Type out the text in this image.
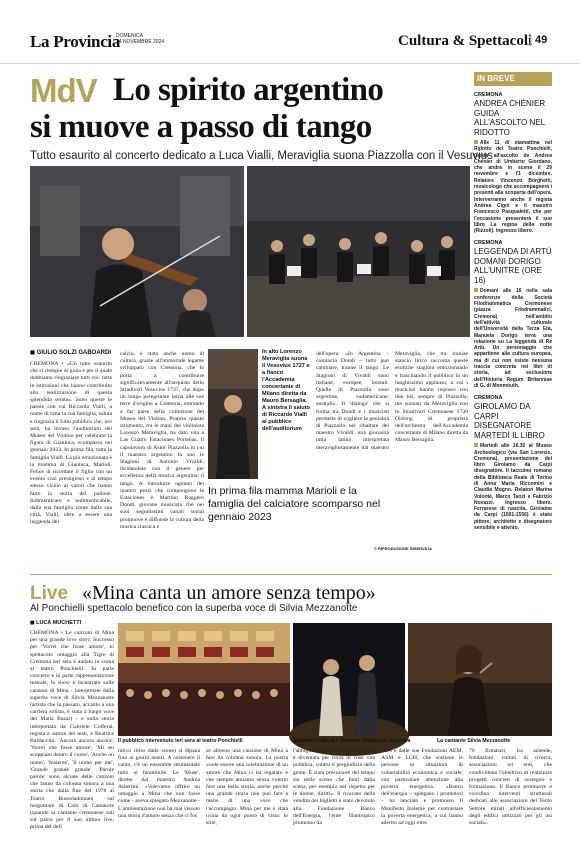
La Provincia
DOMENICA
24 NOVEMBRE 2024	Cultura & Spettacoli 49
MdV Lo spirito argentino
si muove a passo di tango
Tutto esaurito al concerto dedicato a Luca Vialli, Meraviglia suona Piazzolla con il Vesuvius
◼ GIULIO SOLZI GABOARDI
CREMONA • «Un tutto esaurito che ci riempie di gioia e per il quale dobbiamo ringraziare tutti voi: tutte le istituzioni che hanno contribuito alla realizzazione di questa splendida serata». Sono queste le parole con cui Riccardo Vialli, a nome di tutta la sua famiglia, saluta e ringrazia il folto pubblico che, ieri sera, ha invaso l'auditorium del Museo del Violino per celebrare la figura di Gianluca, scomparso nel gennaio 2023. In prima fila, tutta la famiglia Vialli. La più emozionata è la mamma di Gianluca, Mariolì. Felice di ricordare il figlio con un evento così prestigioso e al tempo stesso vicino ai valori che hanno fatto la storia del pallone. Indimenticato e indimenticabile, dalla sua famiglia come dalla sua città, Vialli, oltre a essere una leggenda del
calcio, è stato anche uomo di cultura, grazie all'immortale legame sviluppato con Cremona, che lo porta a contribuire significativamente all'acquisto dello Stradivari Vesuvius 1727, che dopo un lungo peregrinare torna alle sue terre d'origine a Cremona, entrando a far parte della collezione del Museo del Violino. Proprio questo strumento, tra le mani del violinista Lorenzo Meraviglia, ha dato vita a Las Cuatro Estaciones Porteñas, il capolavoro di Astor Piazzolla in cui il maestro argentino fa suo le Stagioni di Antonio Vivaldi, ibridandole con il genere per eccellenza della musica argentina: il tango. A introdurre ognuno dei quattro pezzi che compongono le Estaciones è Martino Ruggero Dondi, giovane musicista che nei suoi seguitissimi canali social promuove e diffonde la cultura della musica classica e
In alto Lorenzo Meraviglia suona il Vesuvius 1727 e a fianco l'Accademia concertante di Milano diretta da Mauro Bersaglia. A sinistra il saluto di Riccardo Vialli al pubblico dell'auditorium
dell'opera. «In Argentina – comincia Dondi – tutto può cambiare, tranne il tango. Le Stagioni di Vivaldi sono italiane, europee, boreali. Quelle di Piazzolla sono argentine, sudamericane, australi». Il 'dialogo' che si forma tra Dondi e i musicisti permette di cogliere la genialità di Piazzolla nel ribaltare del maestro Vivaldi: una giocosità tutta latina interpretata meravigliosamente dal maestro Meraviglia, che tra ironiae slancio lirico racconta queste esotiche stagioni emozionando e trascinando il pubblico in un lunghissimo applauso, a cui i musicisti hanno risposto con due bis, sempre di Piazzolla, ma suonati da Meraviglia con lo Stradivari Cremonese 1730 Oldring di proprietà dell'orchestra dell'Accademia concertante di Milano diretta da Mauro Bersaglia.
In prima fila mamma Marioli e la famiglia del calciatore scomparso nel gennaio 2023
© RIPRODUZIONE RISERVATA
IN BREVE
CREMONA
ANDREA CHÉNIER GUIDA ALL'ASCOLTO NEL RIDOTTO
Alle 11 di stamattina nel Ridotto del Teatro Ponchielli, Guida all'ascolto de Andrea Chénier di Umberto Giordano, che andrà in scena il 29 novembre e l'1 dicembre. Relatore Vincenzo Borghetti, musicologo che accompagnerà i presenti alla scoperta dell'opera. Interverranno anche il regista Andrea Cigni e il maestro Francesco Pasqualetti, che per l'occasione presenterà il suo libro La regina della notte (Rizzoli). Ingresso libero.
CREMONA
LEGGENDA DI ARTÙ DOMANI DORIGO ALL'UNITRE (ORE 16)
Domani alle 16 nella sala conferenze della Società Filodrammatica Cremonese (piazza Filodrammatici, Cremona) nell'ambito dell'attività culturale dell'Università della Terza Età, Manuela Dorigo terrà una relazione su La leggenda di Re Artù. Un personaggio che appartiene alla cultura europea, ma di cui non esiste nessuna traccia concreta nei libri di storia, ad esclusione dell'Historia Regum Britanniae di G. di Monmouth.
CREMONA
GIROLAMO DA CARPI DISEGNATORE MARTEDÌ IL LIBRO
Martedì alle 16.30 al Museo Archeologico (via San Lorenzo, Cremona), presentazione del libro Girolamo da Carpi disegnatore. Il taccuino romano della Biblioteca Reale di Torino di Anna Maria Riccomini e Claudia Mogno. Relatori Marina Volonté, Marco Tanzi e Fabrizio Novazzi. Ingresso libero. Ferrarese di nascita, Girolamo da Carpi (1501-1556) è stato pittore, architetto e disegnatore sensibile e attento.
Live «Mina canta un amore senza tempo»
Al Ponchielli spettacolo benefico con la superba voce di Silvia Mezzanotte
◼ LUCA MUCHETTI
CREMONA • Le canzoni di Mina per una grande love story. Successo per 'Vorrei che fosse amore', lo spettacolo omaggio alla Tigre di Cremona ieri sera è andato in scena al teatro Ponchielli. In parte concerto e in parte rappresentazione teatrale, lo show è incentrato sulle canzoni di Mina - interpretate dalla superba voce di Silvia Mezzanotte (artista che in passato, accanto a una carriera solista, è stata a lungo voce dei Matia Bazar) - e sulla storia interpretata da Gabriele Colferai, regista e autore dei testi, e Beatrice Baldaccini. 'Ancora ancora ancora', 'Vorrei che fosse amore', 'Mi sei scoppiato dentro il cuore', 'Anche un uomo', 'Insieme', 'Il uomo per me', 'Grande grande grande', 'Parole parole' sono alcune delle canzoni che fanno da colonna sonora a una storia che dalla fine del 1978 al Teatro Bussoladomani sul lungomare di Lido di Camaiore (quando la cantante cremonese salì sul palco per il suo ultimo live, prima del defi
Il pubblico intervenuto ieri sera al teatro Ponchielli	Gabriele Colferai e Beatrice Baldaccini in scena	La cantante Silvia Mezzanotte
nitivo ritiro dalle scene) si dipana fino ai giorni nostri. A sostenere il canto, c'è un ensemble strumentale tutto al femminile. Le 'Muse', dirette dal maestro Andrea Albertini. «Volevamo offrire un omaggio a Mina che non fosse come - aveva spiegato Mezzanotte - L'ambientazione non ha mai vissuto una storia d'amore senza che ci fos
se almeno una canzone di Mina a fare da colonna sonora. La nostra vuole essere una celebrazione di un amore che Mina ci ha regalato e che sempre amiamo senza volerlo fare una bella storia, anche perché una grande storia non può fare a meno di una voce che l'accompagni. Mina per me è stata icona da ogni punto di vista: lo stile,
l'abbigliamento, la vita privata che è diventata per forza di cose vita pubblica, contro il pregiudizio della gente. È stata precursore del tempo sia nella scena che fuori dalla scena, per esempio nel rispetto per le donne, diritti». Il ricavato della vendita dei biglietti è stato devoluto alla Fondazione Banco dell'Energia, l'ente filantropico promosso da
A2A e dalle sue Fondazioni AEM, ASM e LGH, che sostiene le persone in situazioni di vulnerabilità economica e sociale, con particolare attenzione alla povertà energetica. «Banco dell'energia – spiegano i promotori – ha lanciato e promosso Il Manifesto Insieme per contrastare la povertà energetica, a cui hanno aderito ad oggi oltre
70 firmatari, tra aziende, fondazioni, istituti di ricerca, associazioni ed enti, che condividono l'obiettivo di realizzare progetti concreti di sostegno e formazione. Il Banco promuove e coordina interventi strutturali dedicati alle associazioni del Terzo Settore mirati all'efficientamento degli edifici utilizzati per gli usi sociali».
